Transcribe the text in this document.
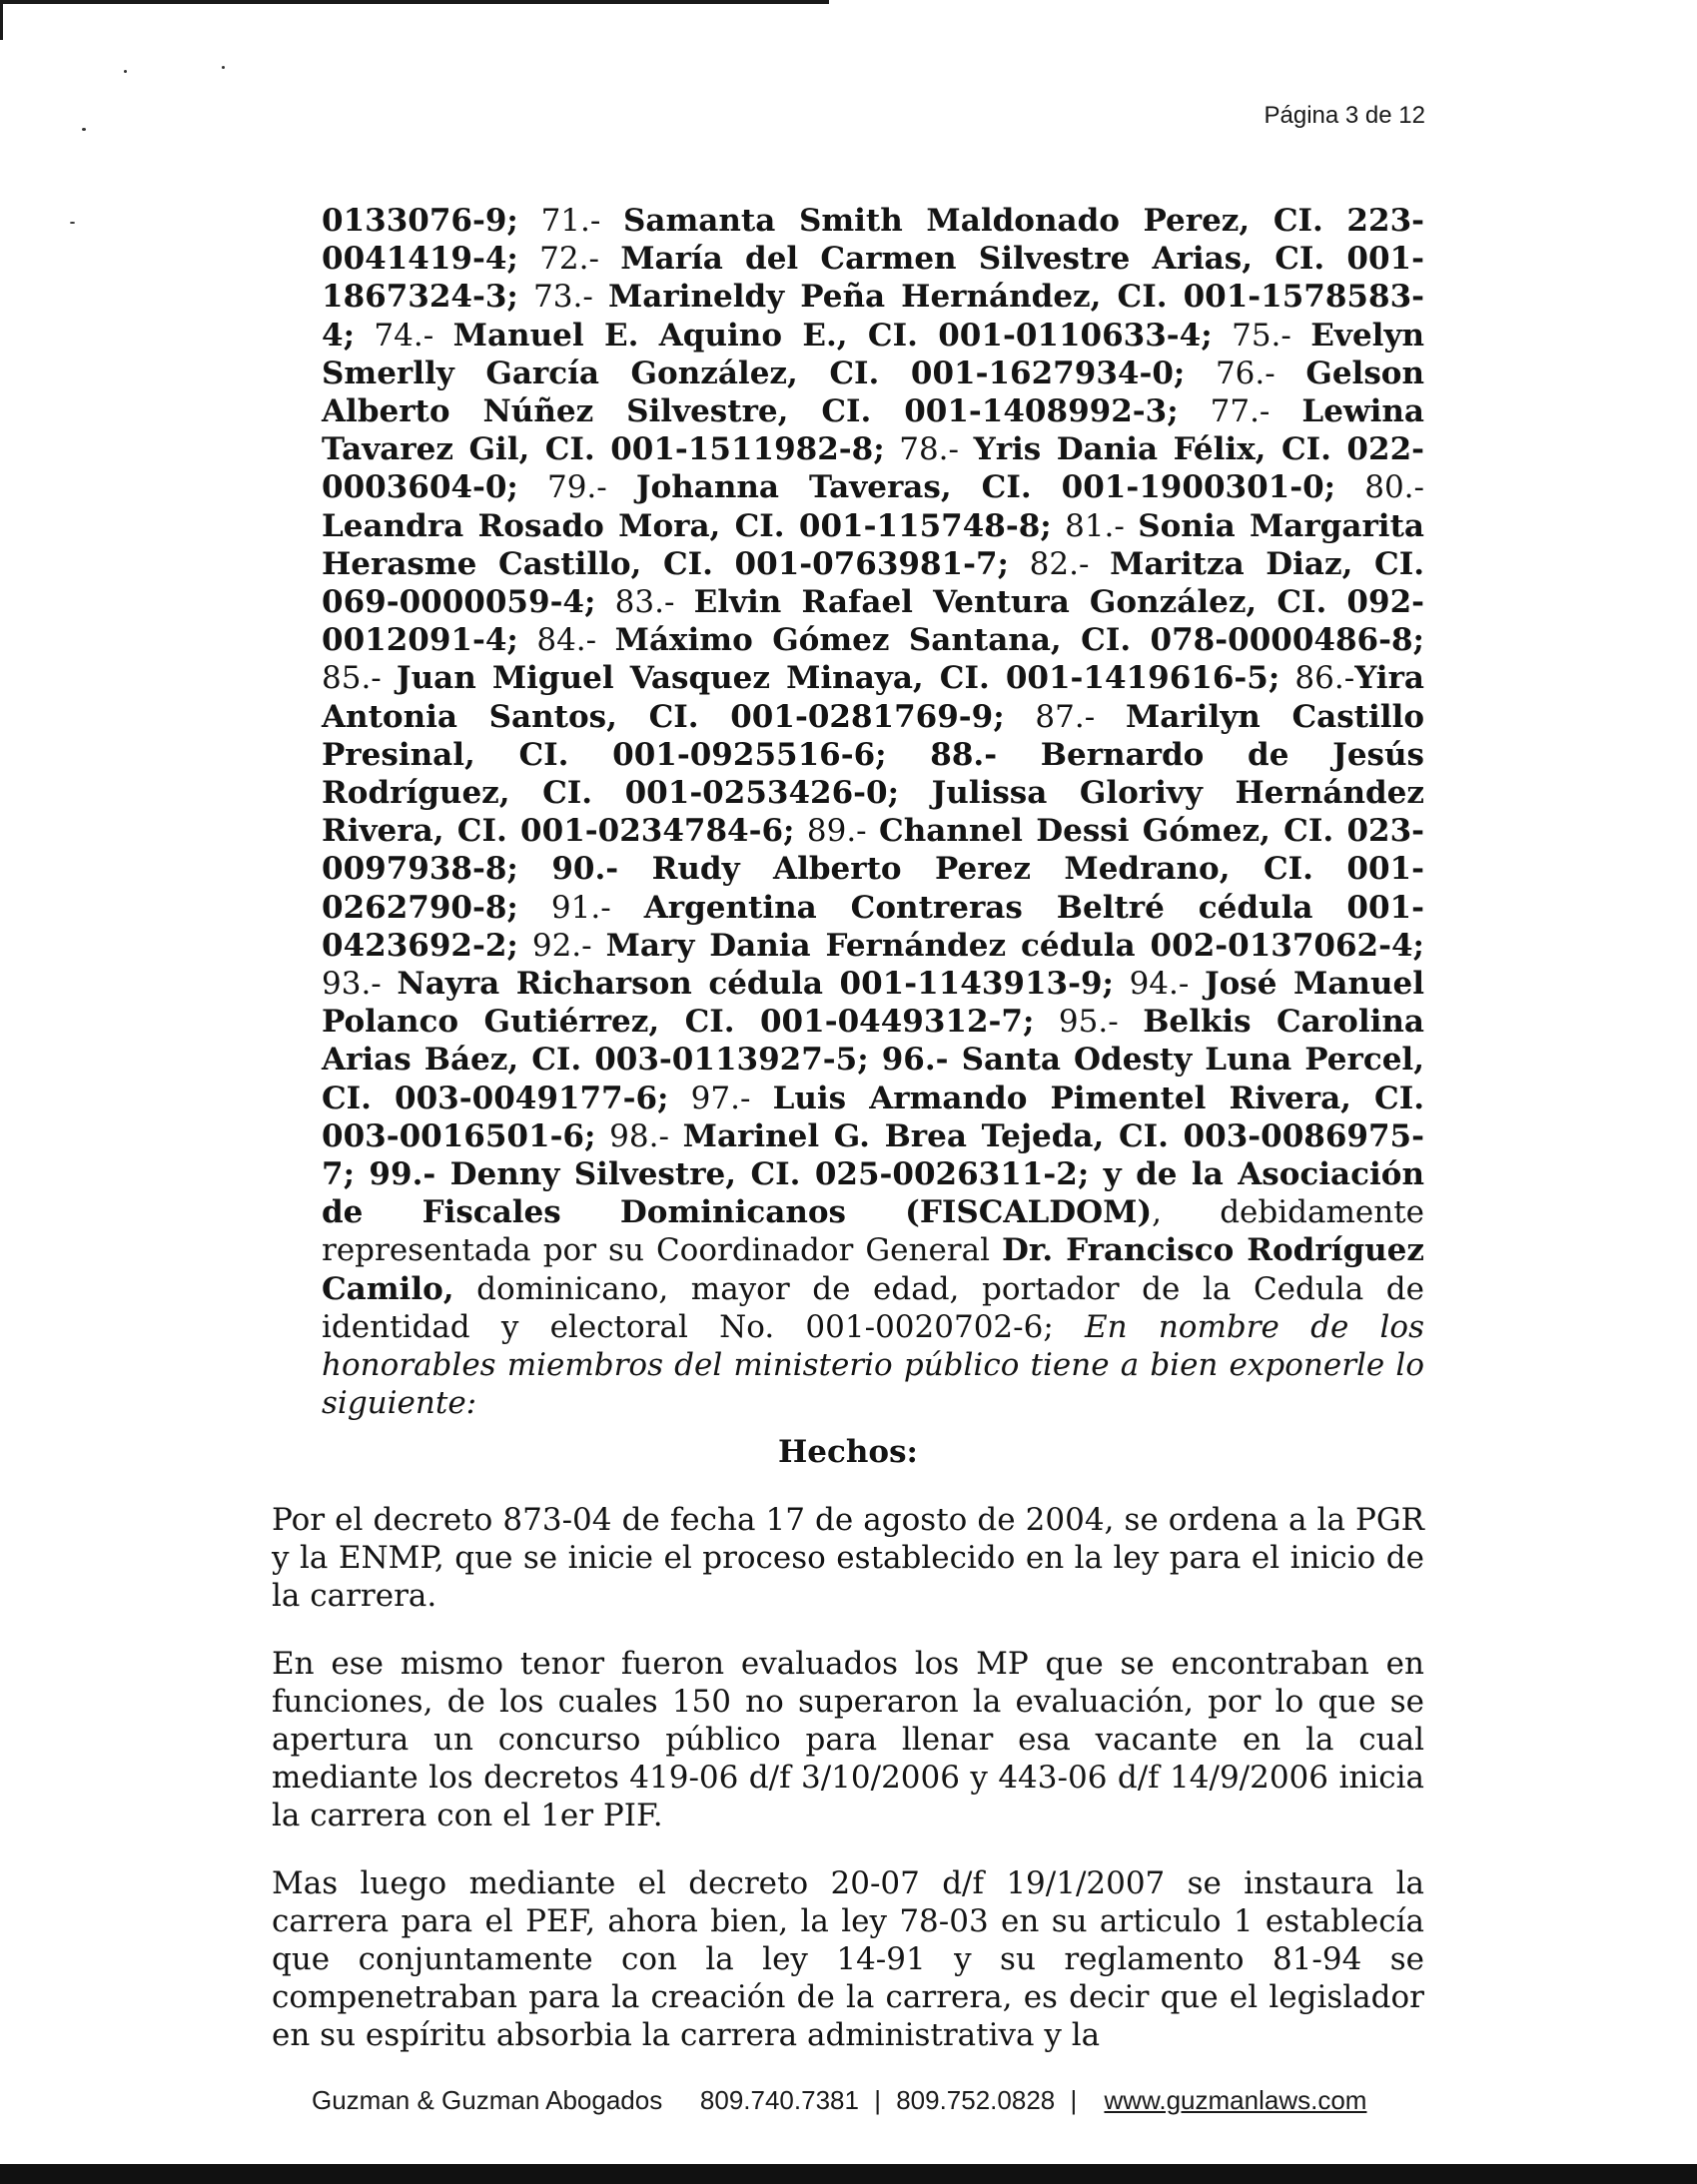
Página 3 de 12
0133076-9; 71.- Samanta Smith Maldonado Perez, CI. 223-0041419-4; 72.- María del Carmen Silvestre Arias, CI. 001-1867324-3; 73.- Marineldy Peña Hernández, CI. 001-1578583-4; 74.- Manuel E. Aquino E., CI. 001-0110633-4; 75.- Evelyn Smerlly García González, CI. 001-1627934-0; 76.- Gelson Alberto Núñez Silvestre, CI. 001-1408992-3; 77.- Lewina Tavarez Gil, CI. 001-1511982-8; 78.- Yris Dania Félix, CI. 022-0003604-0; 79.- Johanna Taveras, CI. 001-1900301-0; 80.- Leandra Rosado Mora, CI. 001-115748-8; 81.- Sonia Margarita Herasme Castillo, CI. 001-0763981-7; 82.- Maritza Diaz, CI. 069-0000059-4; 83.- Elvin Rafael Ventura González, CI. 092-0012091-4; 84.- Máximo Gómez Santana, CI. 078-0000486-8; 85.- Juan Miguel Vasquez Minaya, CI. 001-1419616-5; 86.-Yira Antonia Santos, CI. 001-0281769-9; 87.- Marilyn Castillo Presinal, CI. 001-0925516-6; 88.- Bernardo de Jesús Rodríguez, CI. 001-0253426-0; Julissa Glorivy Hernández Rivera, CI. 001-0234784-6; 89.- Channel Dessi Gómez, CI. 023-0097938-8; 90.- Rudy Alberto Perez Medrano, CI. 001-0262790-8; 91.- Argentina Contreras Beltré cédula 001-0423692-2; 92.- Mary Dania Fernández cédula 002-0137062-4; 93.- Nayra Richarson cédula 001-1143913-9; 94.- José Manuel Polanco Gutiérrez, CI. 001-0449312-7; 95.- Belkis Carolina Arias Báez, CI. 003-0113927-5; 96.- Santa Odesty Luna Percel, CI. 003-0049177-6; 97.- Luis Armando Pimentel Rivera, CI. 003-0016501-6; 98.- Marinel G. Brea Tejeda, CI. 003-0086975-7; 99.- Denny Silvestre, CI. 025-0026311-2; y de la Asociación de Fiscales Dominicanos (FISCALDOM), debidamente representada por su Coordinador General Dr. Francisco Rodríguez Camilo, dominicano, mayor de edad, portador de la Cedula de identidad y electoral No. 001-0020702-6; En nombre de los honorables miembros del ministerio público tiene a bien exponerle lo siguiente:
Hechos:
Por el decreto 873-04 de fecha 17 de agosto de 2004, se ordena a la PGR y la ENMP, que se inicie el proceso establecido en la ley para el inicio de la carrera.
En ese mismo tenor fueron evaluados los MP que se encontraban en funciones, de los cuales 150 no superaron la evaluación, por lo que se apertura un concurso público para llenar esa vacante en la cual mediante los decretos 419-06 d/f 3/10/2006 y 443-06 d/f 14/9/2006 inicia la carrera con el 1er PIF.
Mas luego mediante el decreto 20-07 d/f 19/1/2007 se instaura la carrera para el PEF, ahora bien, la ley 78-03 en su articulo 1 establecía que conjuntamente con la ley 14-91 y su reglamento 81-94 se compenetraban para la creación de la carrera, es decir que el legislador en su espíritu absorbia la carrera administrativa y la
Guzman & Guzman Abogados 809.740.7381 | 809.752.0828 | www.guzmanlaws.com
